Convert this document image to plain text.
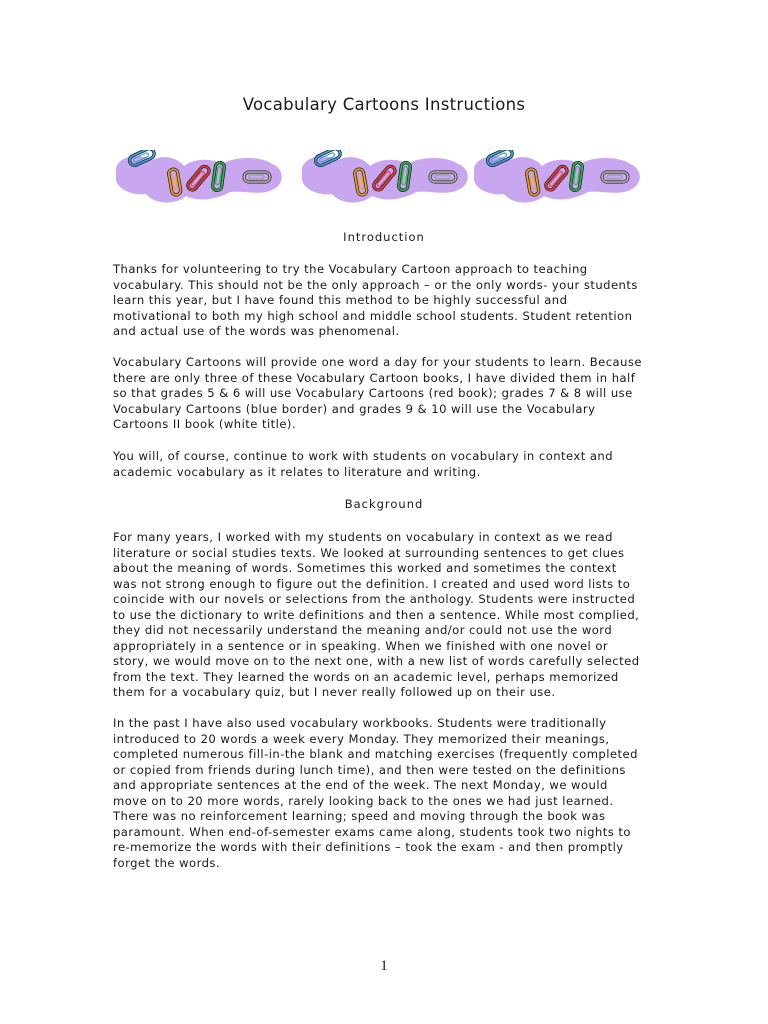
Vocabulary Cartoons Instructions
Introduction

Thanks for volunteering to try the Vocabulary Cartoon approach to teaching
vocabulary. This should not be the only approach – or the only words- your students
learn this year, but I have found this method to be highly successful and
motivational to both my high school and middle school students. Student retention
and actual use of the words was phenomenal.

Vocabulary Cartoons will provide one word a day for your students to learn. Because
there are only three of these Vocabulary Cartoon books, I have divided them in half
so that grades 5 & 6 will use Vocabulary Cartoons (red book); grades 7 & 8 will use
Vocabulary Cartoons (blue border) and grades 9 & 10 will use the Vocabulary
Cartoons II book (white title).

You will, of course, continue to work with students on vocabulary in context and
academic vocabulary as it relates to literature and writing.

Background

For many years, I worked with my students on vocabulary in context as we read
literature or social studies texts. We looked at surrounding sentences to get clues
about the meaning of words. Sometimes this worked and sometimes the context
was not strong enough to figure out the definition. I created and used word lists to
coincide with our novels or selections from the anthology. Students were instructed
to use the dictionary to write definitions and then a sentence. While most complied,
they did not necessarily understand the meaning and/or could not use the word
appropriately in a sentence or in speaking. When we finished with one novel or
story, we would move on to the next one, with a new list of words carefully selected
from the text. They learned the words on an academic level, perhaps memorized
them for a vocabulary quiz, but I never really followed up on their use.

In the past I have also used vocabulary workbooks. Students were traditionally
introduced to 20 words a week every Monday. They memorized their meanings,
completed numerous fill-in-the blank and matching exercises (frequently completed
or copied from friends during lunch time), and then were tested on the definitions
and appropriate sentences at the end of the week. The next Monday, we would
move on to 20 more words, rarely looking back to the ones we had just learned.
There was no reinforcement learning; speed and moving through the book was
paramount. When end-of-semester exams came along, students took two nights to
re-memorize the words with their definitions – took the exam - and then promptly
forget the words.

1
